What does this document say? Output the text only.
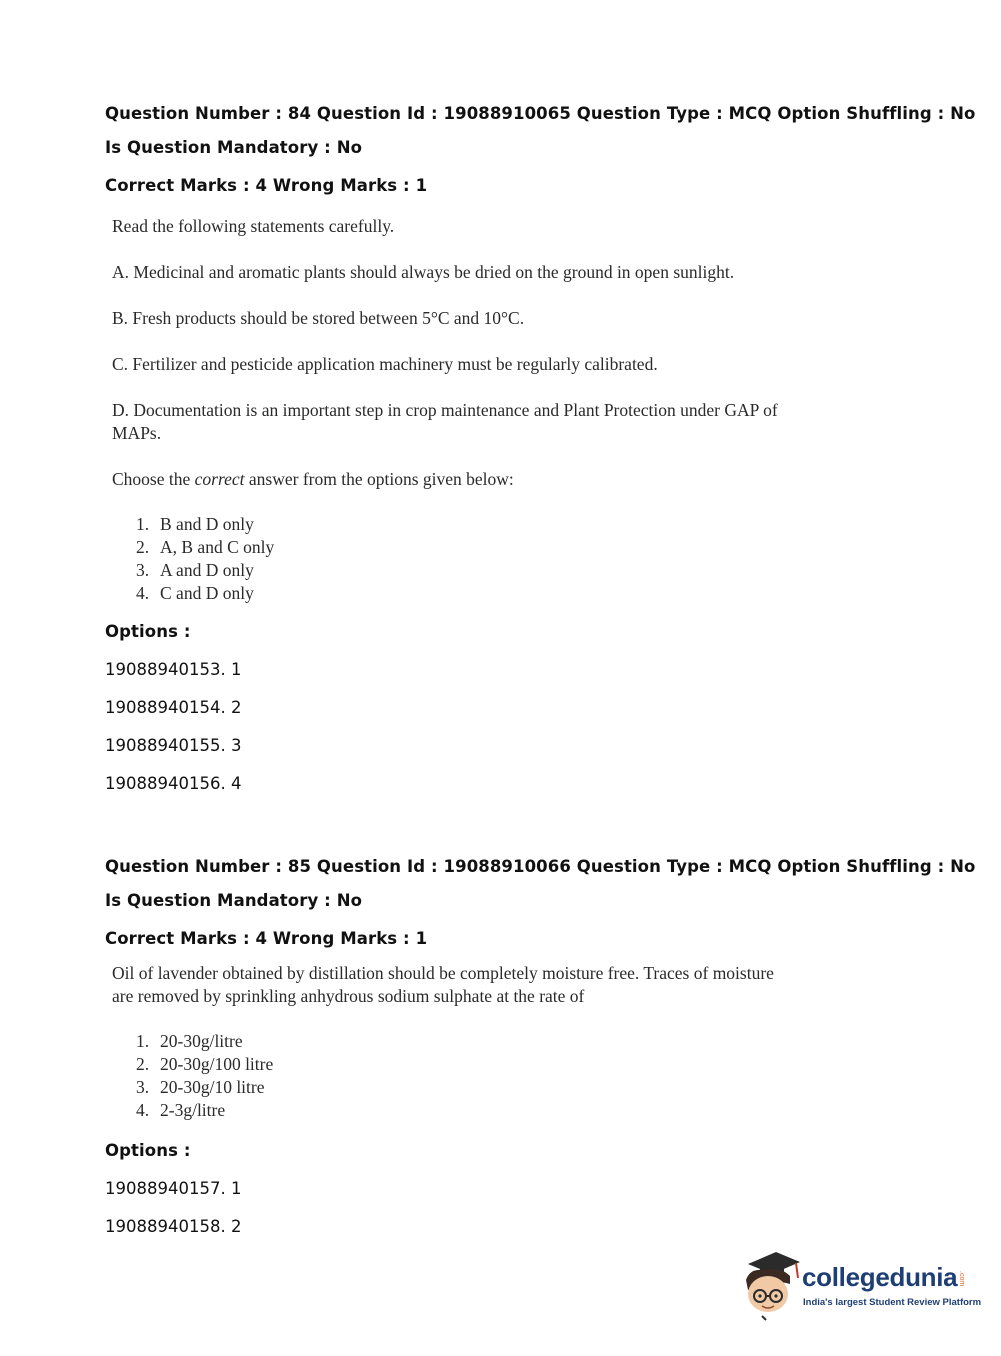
Question Number : 84 Question Id : 19088910065 Question Type : MCQ Option Shuffling : No
Is Question Mandatory : No
Correct Marks : 4 Wrong Marks : 1
Read the following statements carefully.
A. Medicinal and aromatic plants should always be dried on the ground in open sunlight.
B. Fresh products should be stored between 5°C and 10°C.
C. Fertilizer and pesticide application machinery must be regularly calibrated.
D. Documentation is an important step in crop maintenance and Plant Protection under GAP of
MAPs.
Choose the correct answer from the options given below:
1. B and D only
2. A, B and C only
3. A and D only
4. C and D only
Options :
19088940153. 1
19088940154. 2
19088940155. 3
19088940156. 4
Question Number : 85 Question Id : 19088910066 Question Type : MCQ Option Shuffling : No
Is Question Mandatory : No
Correct Marks : 4 Wrong Marks : 1
Oil of lavender obtained by distillation should be completely moisture free. Traces of moisture
are removed by sprinkling anhydrous sodium sulphate at the rate of
1. 20-30g/litre
2. 20-30g/100 litre
3. 20-30g/10 litre
4. 2-3g/litre
Options :
19088940157. 1
19088940158. 2
collegedunia .com
India's largest Student Review Platform
